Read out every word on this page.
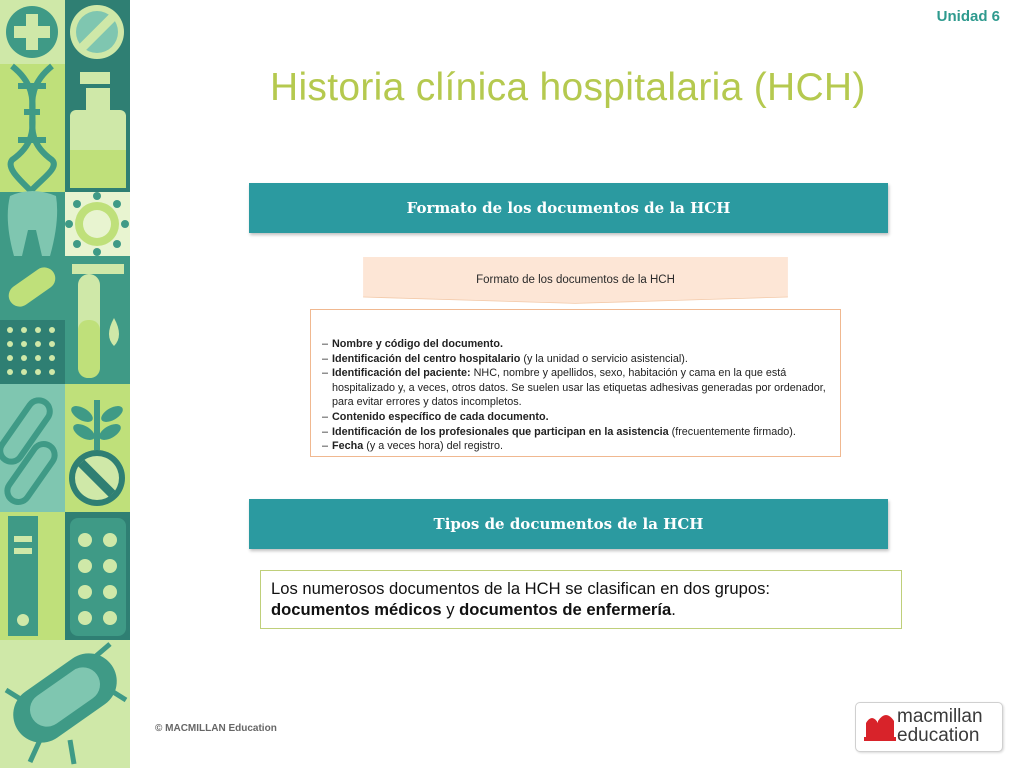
Unidad 6
Historia clínica hospitalaria (HCH)
Formato de los documentos de la HCH
Formato de los documentos de la HCH
– Nombre y código del documento.
– Identificación del centro hospitalario (y la unidad o servicio asistencial).
– Identificación del paciente: NHC, nombre y apellidos, sexo, habitación y cama en la que está hospitalizado y, a veces, otros datos. Se suelen usar las etiquetas adhesivas generadas por ordenador, para evitar errores y datos incompletos.
– Contenido específico de cada documento.
– Identificación de los profesionales que participan en la asistencia (frecuentemente firmado).
– Fecha (y a veces hora) del registro.
Tipos de documentos de la HCH
Los numerosos documentos de la HCH se clasifican en dos grupos:
documentos médicos y documentos de enfermería.
© MACMILLAN Education
macmillan
education
